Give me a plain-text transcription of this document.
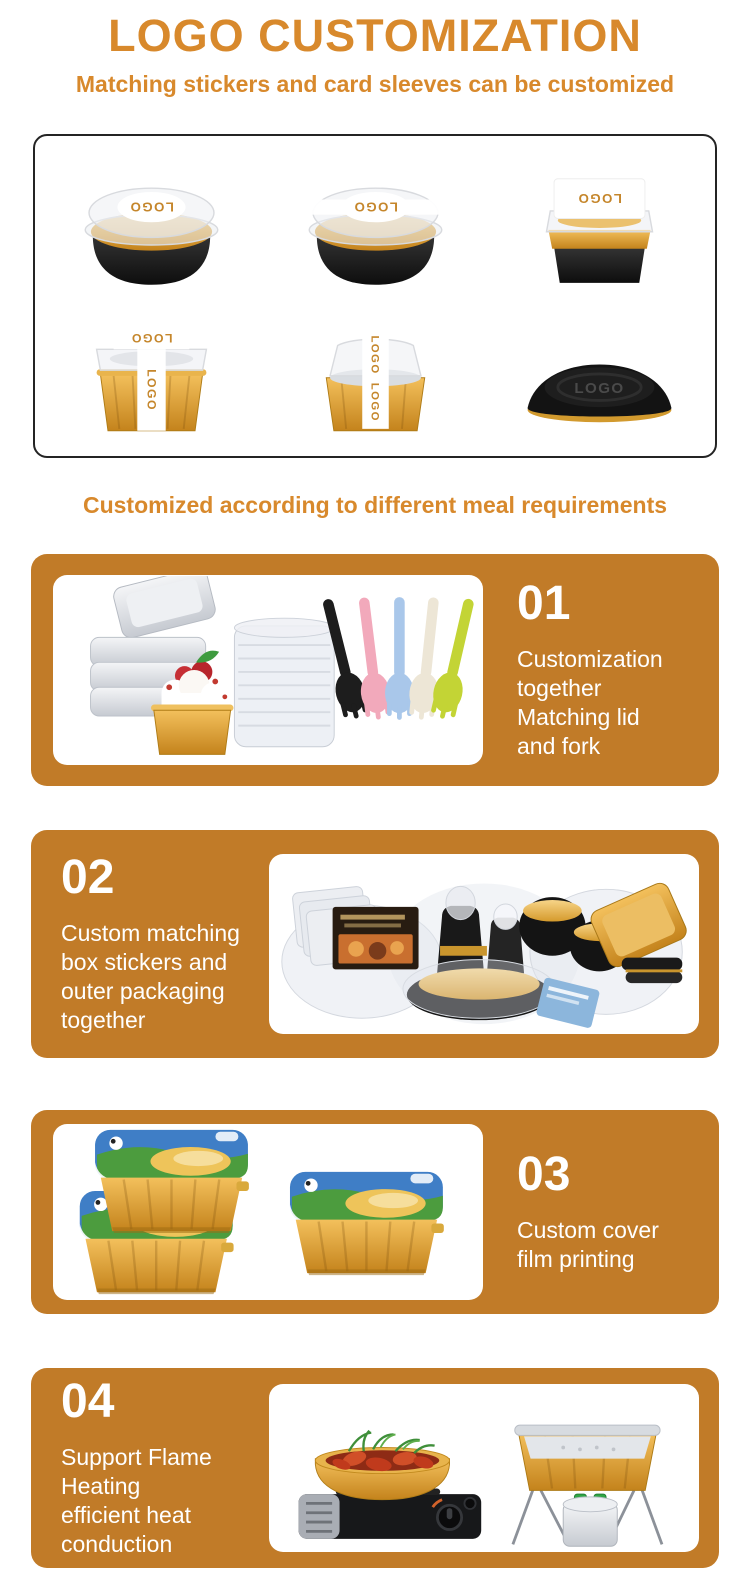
LOGO CUSTOMIZATION
Matching stickers and card sleeves can be customized
LOGO	LOGO
LOGO
LOGO
LOGO
LOGO
LOGO	LOGO
Customized according to different meal requirements
01
Customization
together
Matching lid
and fork
02
Custom matching
box stickers and
outer packaging
together
03
Custom cover
film printing
04
Support Flame
Heating
efficient heat
conduction
